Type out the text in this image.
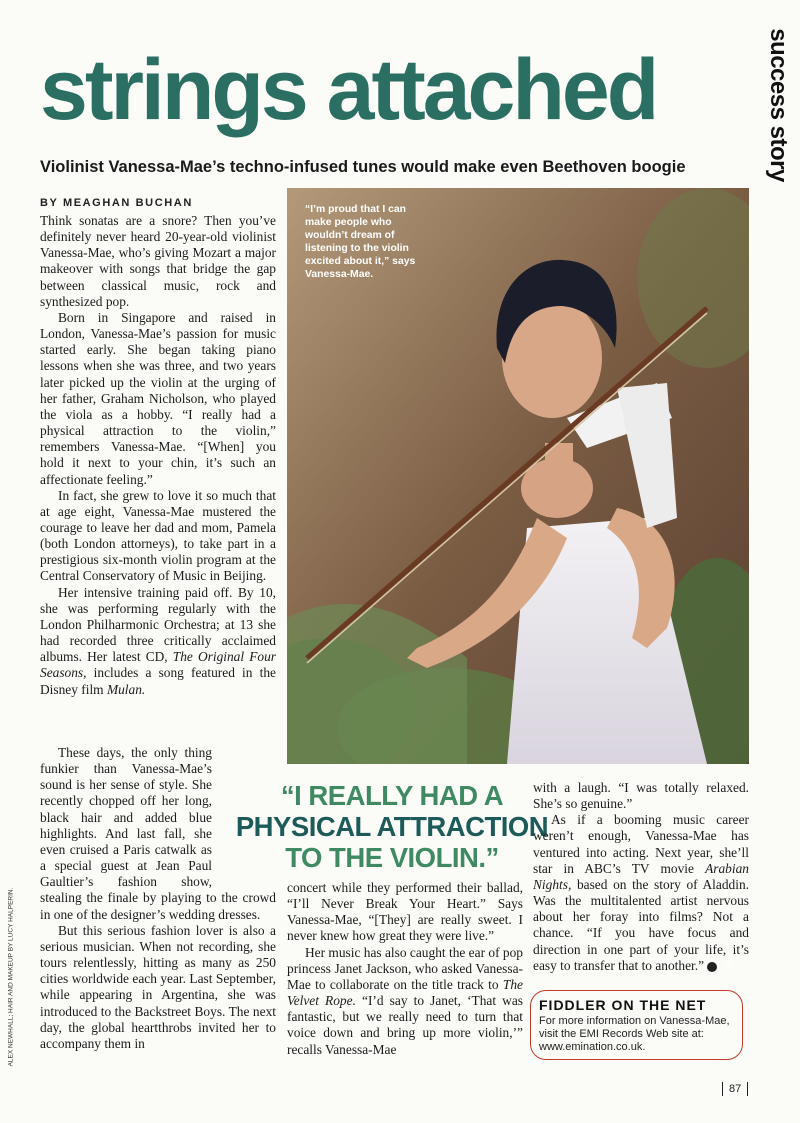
strings attached	success story
Violinist Vanessa-Mae’s techno-infused tunes would make even Beethoven boogie
BY MEAGHAN BUCHAN

Think sonatas are a snore? Then you’ve definitely never heard 20-year-old violinist Vanessa-Mae, who’s giving Mozart a major makeover with songs that bridge the gap between classical music, rock and synthesized pop.

Born in Singapore and raised in London, Vanessa-Mae’s passion for music started early. She began taking piano lessons when she was three, and two years later picked up the violin at the urging of her father, Graham Nicholson, who played the viola as a hobby. “I really had a physical attraction to the violin,” remembers Vanessa-Mae. “[When] you hold it next to your chin, it’s such an affectionate feeling.”

In fact, she grew to love it so much that at age eight, Vanessa-Mae mustered the courage to leave her dad and mom, Pamela (both London attorneys), to take part in a prestigious six-month violin program at the Central Conservatory of Music in Beijing.

Her intensive training paid off. By 10, she was performing regularly with the London Philharmonic Orchestra; at 13 she had recorded three critically acclaimed albums. Her latest CD, The Original Four Seasons, includes a song featured in the Disney film Mulan.

These days, the only thing funkier than Vanessa-Mae’s sound is her sense of style. She recently chopped off her long, black hair and added blue highlights. And last fall, she even cruised a Paris catwalk as a special guest at Jean Paul Gaultier’s fashion show, stealing the finale by playing to the crowd in one of the designer’s wedding dresses.

But this serious fashion lover is also a serious musician. When not recording, she tours relentlessly, hitting as many as 250 cities worldwide each year. Last September, while appearing in Argentina, she was introduced to the Backstreet Boys. The next day, the global heartthrobs invited her to accompany them in

“I’m proud that I can make people who wouldn’t dream of listening to the violin excited about it,” says Vanessa-Mae.
“I REALLY HAD A
PHYSICAL ATTRACTION
TO THE VIOLIN.”

concert while they performed their ballad, “I’ll Never Break Your Heart.” Says Vanessa-Mae, “[They] are really sweet. I never knew how great they were live.”

Her music has also caught the ear of pop princess Janet Jackson, who asked Vanessa-Mae to collaborate on the title track to The Velvet Rope. “I’d say to Janet, ‘That was fantastic, but we really need to turn that voice down and bring up more violin,’” recalls Vanessa-Mae

with a laugh. “I was totally relaxed. She’s so genuine.”

As if a booming music career weren’t enough, Vanessa-Mae has ventured into acting. Next year, she’ll star in ABC’s TV movie Arabian Nights, based on the story of Aladdin. Was the multitalented artist nervous about her foray into films? Not a chance. “If you have focus and direction in one part of your life, it’s easy to transfer that to another.”	✪

ALEX NEWHALL; HAIR AND MAKEUP BY LUCY HALPERIN.	FIDDLER ON THE NET
For more information on Vanessa-Mae, visit the EMI Records Web site at: www.emination.co.uk.
87
